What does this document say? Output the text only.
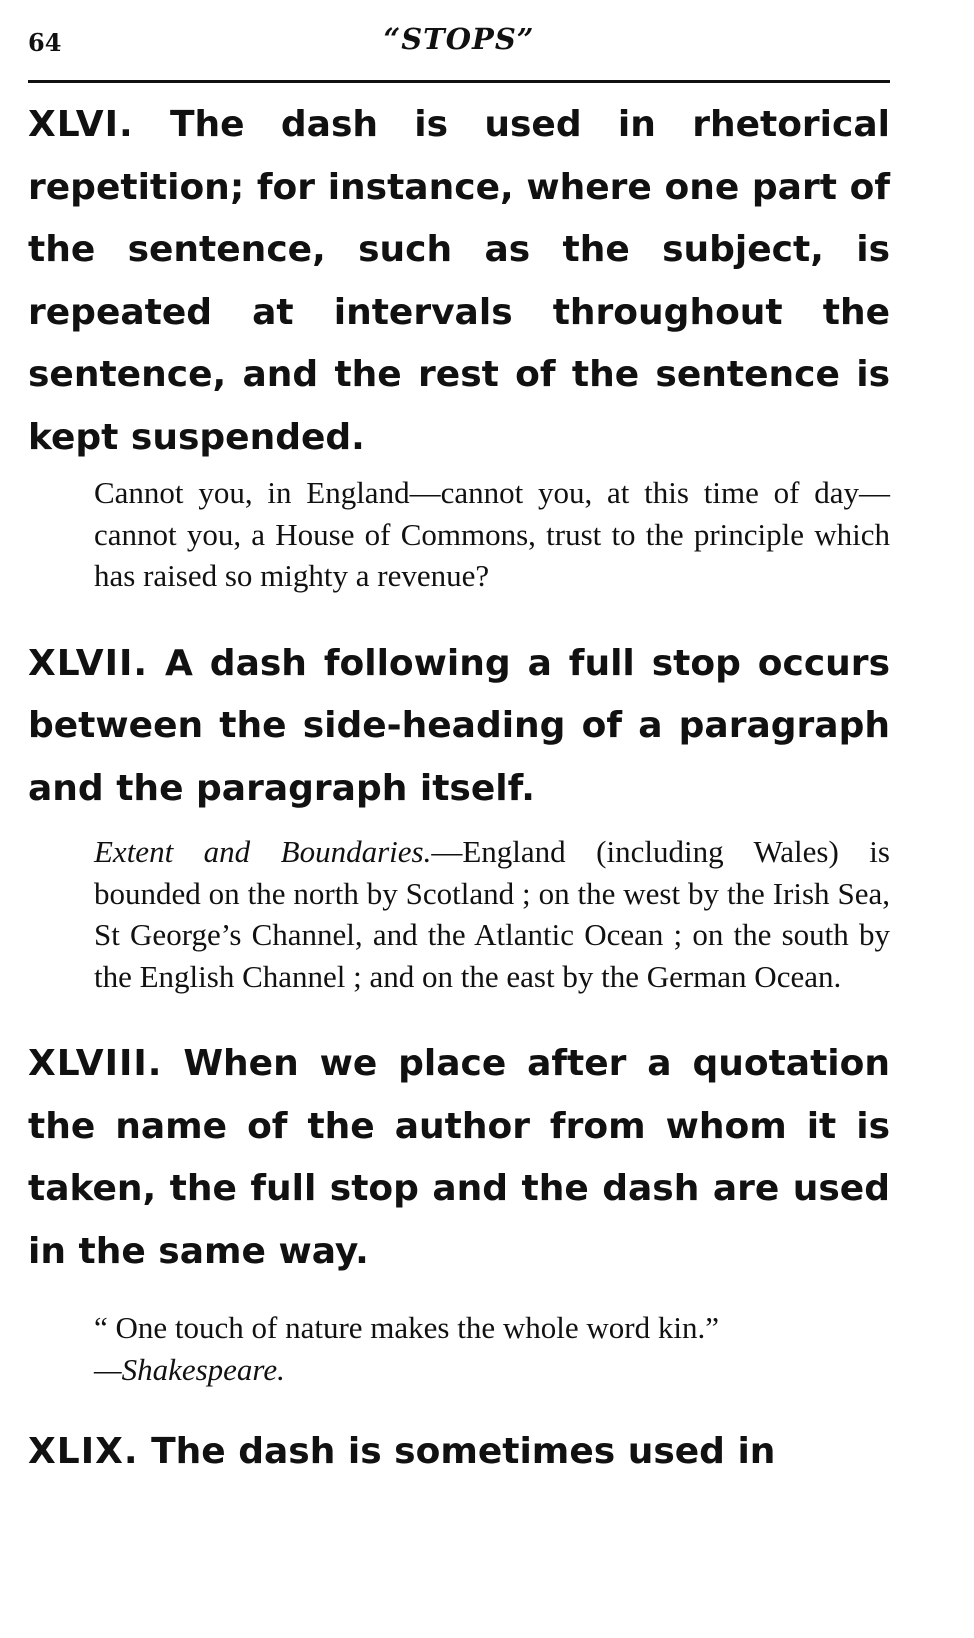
64	“STOPS”

XLVI. The dash is used in rhetorical repetition; for instance, where one part of the sentence, such as the subject, is repeated at intervals throughout the sentence, and the rest of the sentence is kept suspended.

Cannot you, in England—cannot you, at this time of day—cannot you, a House of Commons, trust to the principle which has raised so mighty a revenue?

XLVII. A dash following a full stop occurs between the side-heading of a paragraph and the paragraph itself.

Extent and Boundaries.—England (including Wales) is bounded on the north by Scotland ; on the west by the Irish Sea, St George’s Channel, and the Atlantic Ocean ; on the south by the English Channel ; and on the east by the German Ocean.

XLVIII. When we place after a quotation the name of the author from whom it is taken, the full stop and the dash are used in the same way.

“ One touch of nature makes the whole word kin.”
—Shakespeare.

XLIX. The dash is sometimes used in
